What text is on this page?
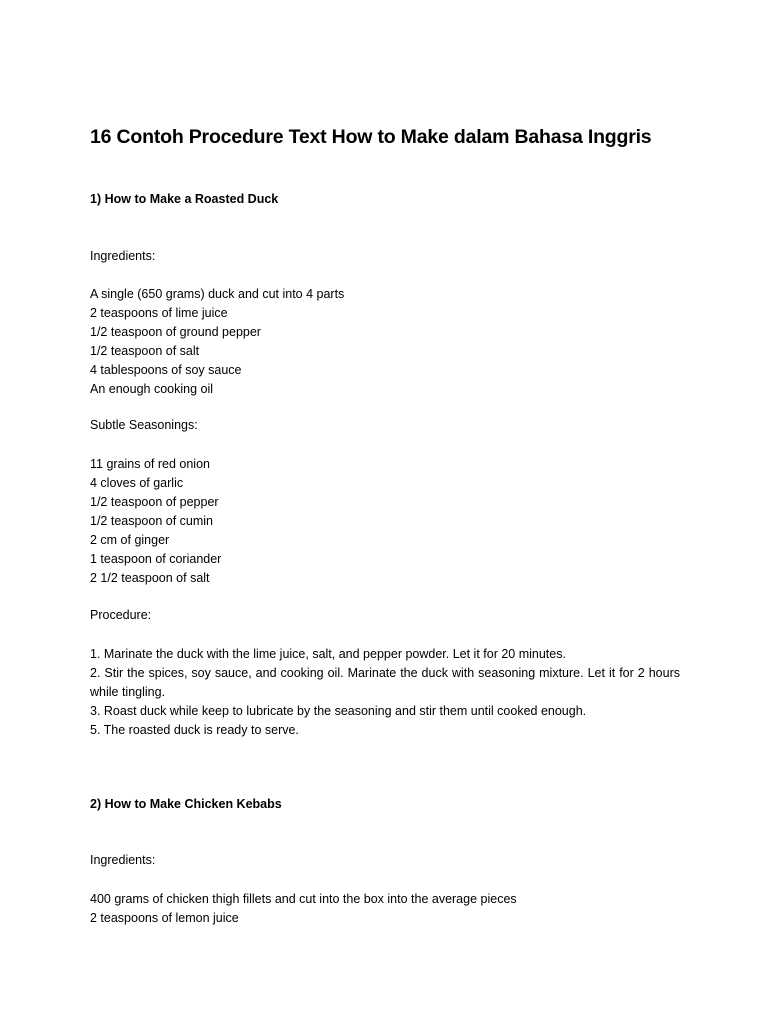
16 Contoh Procedure Text How to Make dalam Bahasa Inggris
1) How to Make a Roasted Duck
Ingredients:
A single (650 grams) duck and cut into 4 parts
2 teaspoons of lime juice
1/2 teaspoon of ground pepper
1/2 teaspoon of salt
4 tablespoons of soy sauce
An enough cooking oil
Subtle Seasonings:
11 grains of red onion
4 cloves of garlic
1/2 teaspoon of pepper
1/2 teaspoon of cumin
2 cm of ginger
1 teaspoon of coriander
2 1/2 teaspoon of salt
Procedure:
1. Marinate the duck with the lime juice, salt, and pepper powder. Let it for 20 minutes.
2. Stir the spices, soy sauce, and cooking oil. Marinate the duck with seasoning mixture. Let it for 2 hours while tingling.
3. Roast duck while keep to lubricate by the seasoning and stir them until cooked enough.
5. The roasted duck is ready to serve.
2) How to Make Chicken Kebabs
Ingredients:
400 grams of chicken thigh fillets and cut into the box into the average pieces
2 teaspoons of lemon juice
